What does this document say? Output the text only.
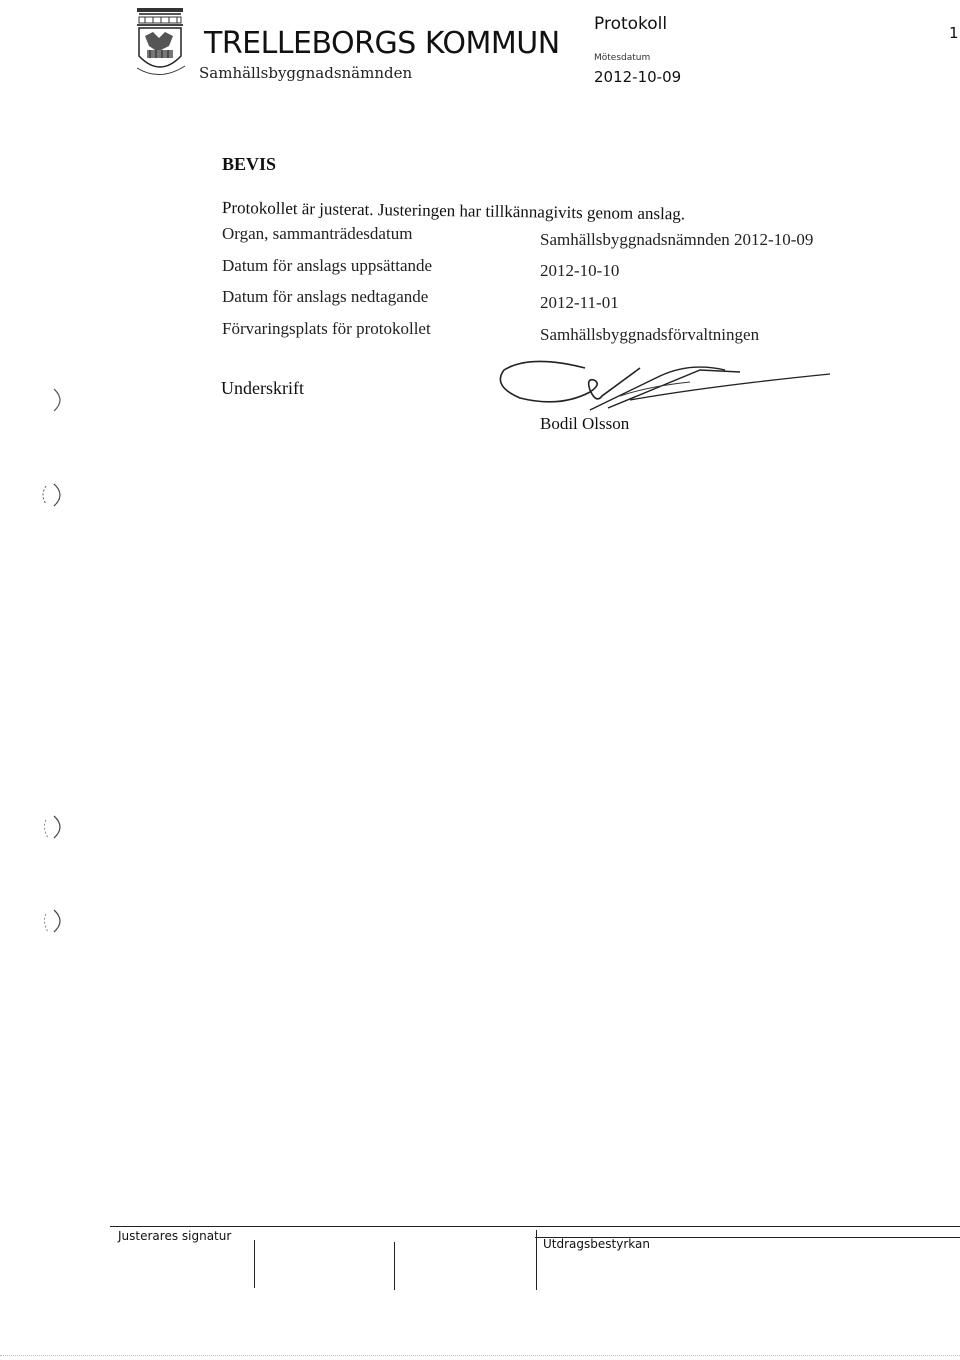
TRELLEBORGS KOMMUN
Samhällsbyggnadsnämnden
Protokoll
Mötesdatum
2012-10-09
1
BEVIS
Protokollet är justerat. Justeringen har tillkännagivits genom anslag.
Organ, sammanträdesdatum	Samhällsbyggnadsnämnden 2012-10-09
Datum för anslags uppsättande	2012-10-10
Datum för anslags nedtagande	2012-11-01
Förvaringsplats för protokollet	Samhällsbyggnadsförvaltningen
Underskrift
Bodil Olsson
Justerares signatur
Utdragsbestyrkan
